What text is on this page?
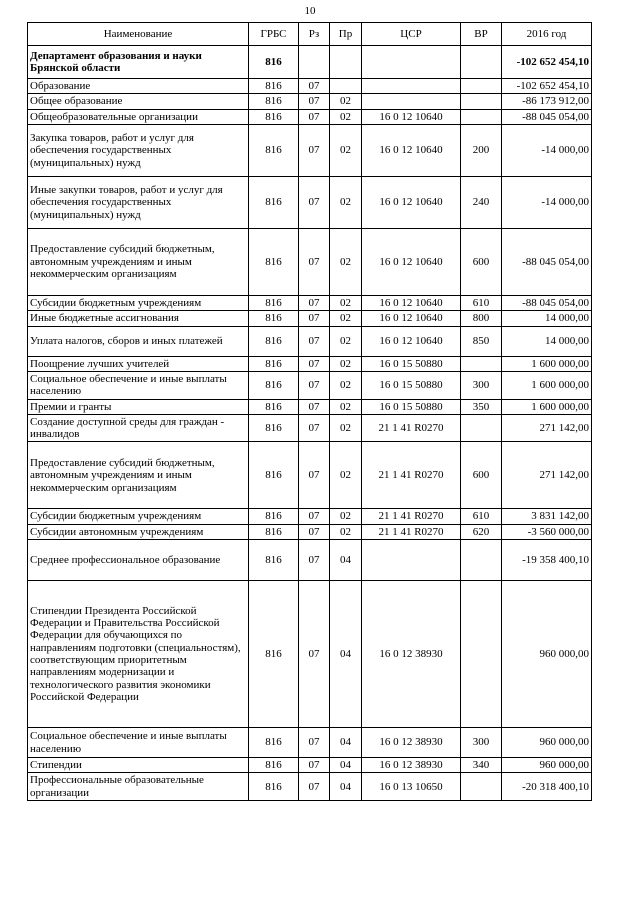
10
Наименование	ГРБС	Рз	Пр	ЦСР	ВР	2016 год
Департамент образования и науки Брянской области	816					-102 652 454,10
Образование	816	07				-102 652 454,10
Общее образование	816	07	02			-86 173 912,00
Общеобразовательные организации	816	07	02	16 0 12 10640		-88 045 054,00
Закупка товаров, работ и услуг для обеспечения государственных (муниципальных) нужд	816	07	02	16 0 12 10640	200	-14 000,00
Иные закупки товаров, работ и услуг для обеспечения государственных (муниципальных) нужд	816	07	02	16 0 12 10640	240	-14 000,00
Предоставление субсидий бюджетным, автономным учреждениям и иным некоммерческим организациям	816	07	02	16 0 12 10640	600	-88 045 054,00
Субсидии бюджетным учреждениям	816	07	02	16 0 12 10640	610	-88 045 054,00
Иные бюджетные ассигнования	816	07	02	16 0 12 10640	800	14 000,00
Уплата налогов, сборов и иных платежей	816	07	02	16 0 12 10640	850	14 000,00
Поощрение лучших учителей	816	07	02	16 0 15 50880		1 600 000,00
Социальное обеспечение и иные выплаты населению	816	07	02	16 0 15 50880	300	1 600 000,00
Премии и гранты	816	07	02	16 0 15 50880	350	1 600 000,00
Создание доступной среды для граждан - инвалидов	816	07	02	21 1 41 R0270		271 142,00
Предоставление субсидий бюджетным, автономным учреждениям и иным некоммерческим организациям	816	07	02	21 1 41 R0270	600	271 142,00
Субсидии бюджетным учреждениям	816	07	02	21 1 41 R0270	610	3 831 142,00
Субсидии автономным учреждениям	816	07	02	21 1 41 R0270	620	-3 560 000,00
Среднее профессиональное образование	816	07	04			-19 358 400,10
Стипендии Президента Российской Федерации и Правительства Российской Федерации для обучающихся по направлениям подготовки (специальностям), соответствующим приоритетным направлениям модернизации и технологического развития экономики Российской Федерации	816	07	04	16 0 12 38930		960 000,00
Социальное обеспечение и иные выплаты населению	816	07	04	16 0 12 38930	300	960 000,00
Стипендии	816	07	04	16 0 12 38930	340	960 000,00
Профессиональные образовательные организации	816	07	04	16 0 13 10650		-20 318 400,10
